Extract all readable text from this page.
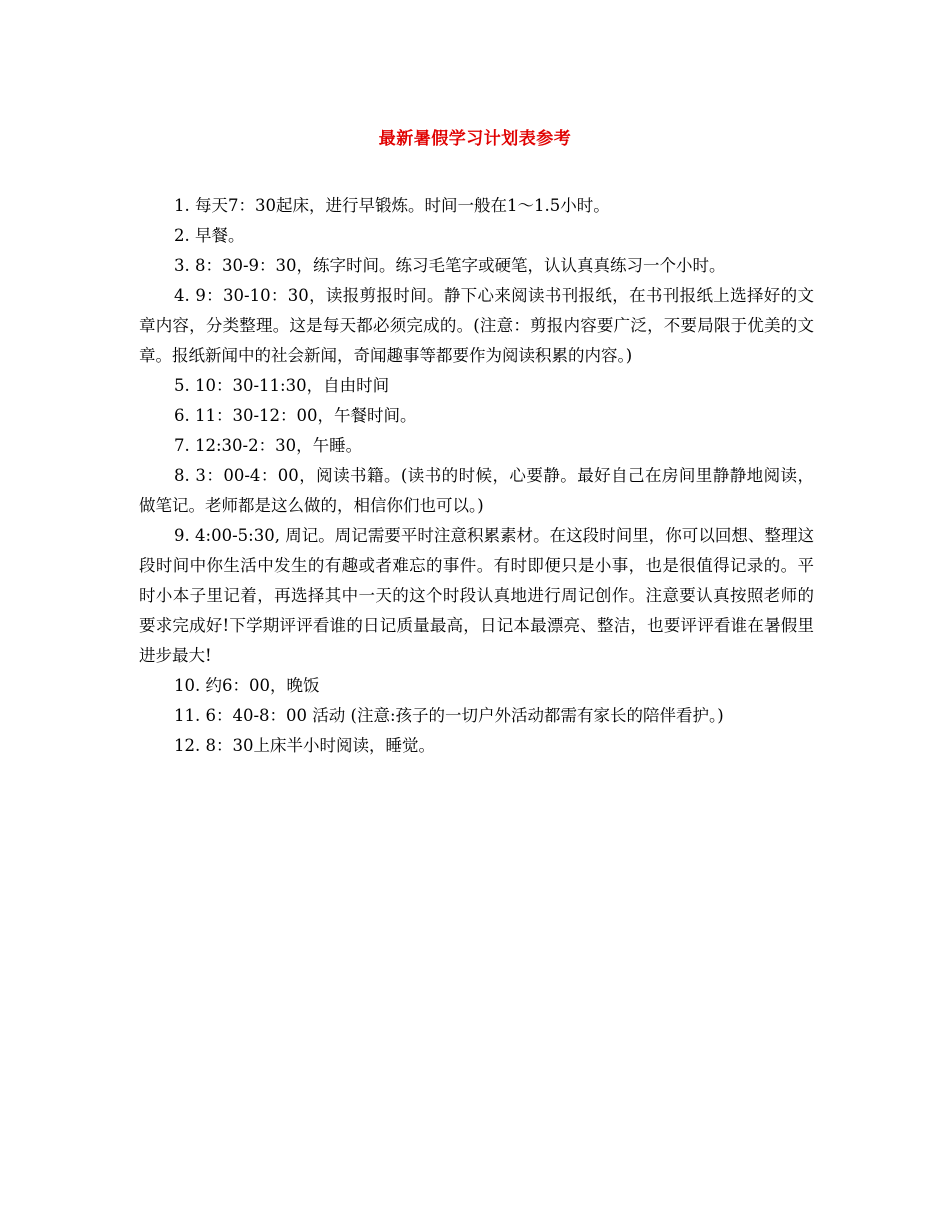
最新暑假学习计划表参考

1. 每天7：30起床，进行早锻炼。时间一般在1～1.5小时。

2. 早餐。

3. 8：30-9：30，练字时间。练习毛笔字或硬笔，认认真真练习一个小时。

4. 9：30-10：30，读报剪报时间。静下心来阅读书刊报纸，在书刊报纸上选择好的文章内容，分类整理。这是每天都必须完成的。(注意：剪报内容要广泛，不要局限于优美的文章。报纸新闻中的社会新闻，奇闻趣事等都要作为阅读积累的内容。)

5. 10：30-11:30，自由时间

6. 11：30-12：00，午餐时间。

7. 12:30-2：30，午睡。

8. 3：00-4：00，阅读书籍。(读书的时候，心要静。最好自己在房间里静静地阅读，做笔记。老师都是这么做的，相信你们也可以。)

9. 4:00-5:30, 周记。周记需要平时注意积累素材。在这段时间里，你可以回想、整理这段时间中你生活中发生的有趣或者难忘的事件。有时即便只是小事，也是很值得记录的。平时小本子里记着，再选择其中一天的这个时段认真地进行周记创作。注意要认真按照老师的要求完成好!下学期评评看谁的日记质量最高，日记本最漂亮、整洁，也要评评看谁在暑假里进步最大!

10. 约6：00，晚饭

11. 6：40-8：00 活动 (注意:孩子的一切户外活动都需有家长的陪伴看护。)

12. 8：30上床半小时阅读，睡觉。
